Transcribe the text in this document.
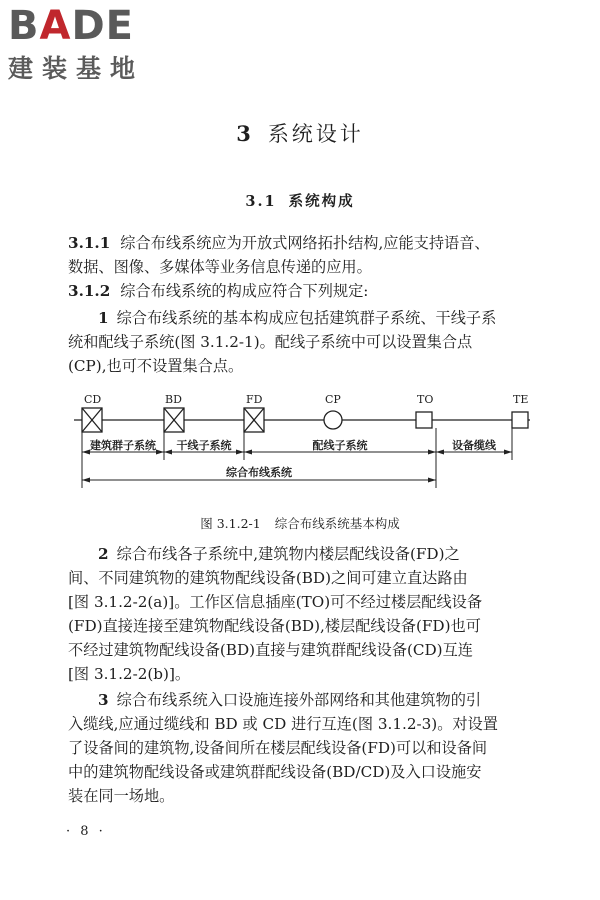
BADE
建装基地
3 系统设计
3.1 系统构成
3.1.1 综合布线系统应为开放式网络拓扑结构,应能支持语音、
数据、图像、多媒体等业务信息传递的应用。
3.1.2 综合布线系统的构成应符合下列规定:
1 综合布线系统的基本构成应包括建筑群子系统、干线子系
统和配线子系统(图 3.1.2-1)。配线子系统中可以设置集合点
(CP),也可不设置集合点。
CD	BD	FD	CP	TO	TE
建筑群子系统 干线子系统	配线子系统	设备缆线
综合布线系统
图 3.1.2-1 综合布线系统基本构成
2 综合布线各子系统中,建筑物内楼层配线设备(FD)之
间、不同建筑物的建筑物配线设备(BD)之间可建立直达路由
[图 3.1.2-2(a)]。工作区信息插座(TO)可不经过楼层配线设备
(FD)直接连接至建筑物配线设备(BD),楼层配线设备(FD)也可
不经过建筑物配线设备(BD)直接与建筑群配线设备(CD)互连
[图 3.1.2-2(b)]。
3 综合布线系统入口设施连接外部网络和其他建筑物的引
入缆线,应通过缆线和 BD 或 CD 进行互连(图 3.1.2-3)。对设置
了设备间的建筑物,设备间所在楼层配线设备(FD)可以和设备间
中的建筑物配线设备或建筑群配线设备(BD/CD)及入口设施安
装在同一场地。
· 8 ·
